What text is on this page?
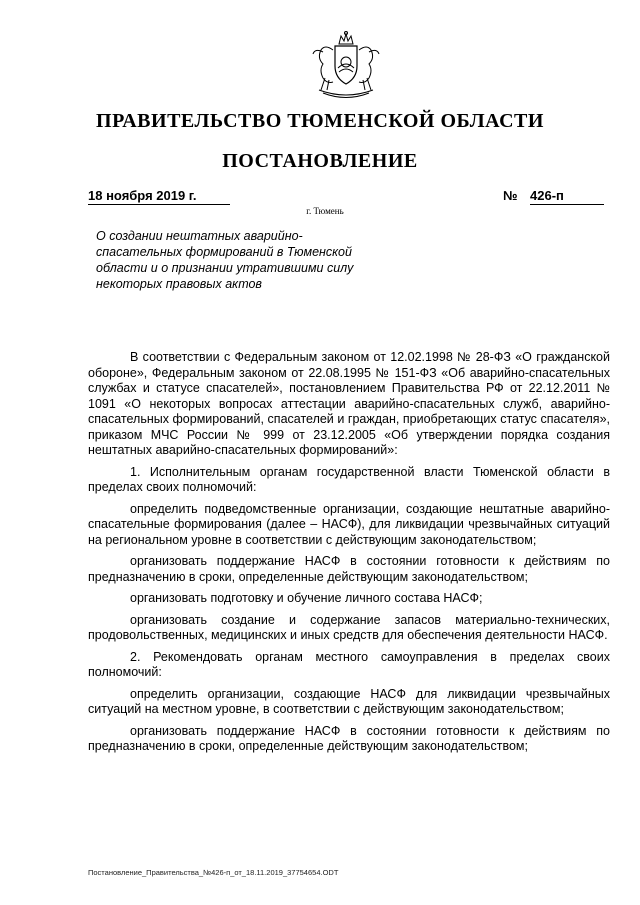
ПРАВИТЕЛЬСТВО ТЮМЕНСКОЙ ОБЛАСТИ
ПОСТАНОВЛЕНИЕ
18 ноября 2019 г.	№ 426-п
г. Тюмень

О создании нештатных аварийно-спасательных формирований в Тюменской области и о признании утратившими силу некоторых правовых актов

В соответствии с Федеральным законом от 12.02.1998 № 28-ФЗ «О гражданской обороне», Федеральным законом от 22.08.1995 № 151-ФЗ «Об аварийно-спасательных службах и статусе спасателей», постановлением Правительства РФ от 22.12.2011 № 1091 «О некоторых вопросах аттестации аварийно-спасательных служб, аварийно-спасательных формирований, спасателей и граждан, приобретающих статус спасателя», приказом МЧС России № 999 от 23.12.2005 «Об утверждении порядка создания нештатных аварийно-спасательных формирований»:

1. Исполнительным органам государственной власти Тюменской области в пределах своих полномочий:

определить подведомственные организации, создающие нештатные аварийно-спасательные формирования (далее – НАСФ), для ликвидации чрезвычайных ситуаций на региональном уровне в соответствии с действующим законодательством;

организовать поддержание НАСФ в состоянии готовности к действиям по предназначению в сроки, определенные действующим законодательством;

организовать подготовку и обучение личного состава НАСФ;

организовать создание и содержание запасов материально-технических, продовольственных, медицинских и иных средств для обеспечения деятельности НАСФ.

2. Рекомендовать органам местного самоуправления в пределах своих полномочий:

определить организации, создающие НАСФ для ликвидации чрезвычайных ситуаций на местном уровне, в соответствии с действующим законодательством;

организовать поддержание НАСФ в состоянии готовности к действиям по предназначению в сроки, определенные действующим законодательством;

Постановление_Правительства_№426-п_от_18.11.2019_37754654.ODT
